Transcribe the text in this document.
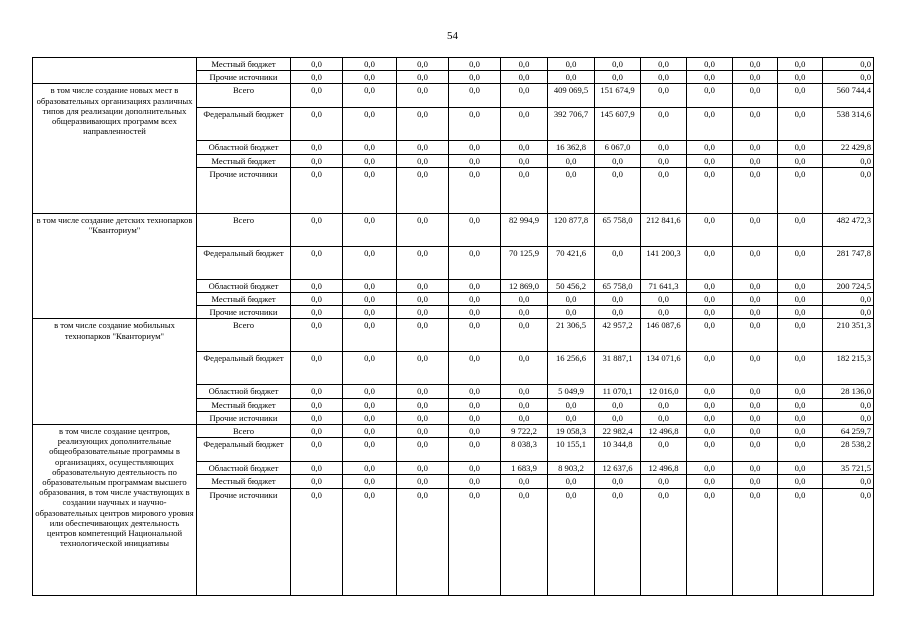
54
	Местный бюджет	0,0	0,0	0,0	0,0	0,0	0,0	0,0	0,0	0,0	0,0	0,0	0,0
	Прочие источники	0,0	0,0	0,0	0,0	0,0	0,0	0,0	0,0	0,0	0,0	0,0	0,0
в том числе создание новых мест в образовательных организациях различных типов для реализации дополнительных общеразвивающих программ всех направленностей	Всего	0,0	0,0	0,0	0,0	0,0	409 069,5	151 674,9	0,0	0,0	0,0	0,0	560 744,4
	Федеральный бюджет	0,0	0,0	0,0	0,0	0,0	392 706,7	145 607,9	0,0	0,0	0,0	0,0	538 314,6
	Областной бюджет	0,0	0,0	0,0	0,0	0,0	16 362,8	6 067,0	0,0	0,0	0,0	0,0	22 429,8
	Местный бюджет	0,0	0,0	0,0	0,0	0,0	0,0	0,0	0,0	0,0	0,0	0,0	0,0
	Прочие источники	0,0	0,0	0,0	0,0	0,0	0,0	0,0	0,0	0,0	0,0	0,0	0,0
в том числе создание детских технопарков "Кванториум"	Всего	0,0	0,0	0,0	0,0	82 994,9	120 877,8	65 758,0	212 841,6	0,0	0,0	0,0	482 472,3
	Федеральный бюджет	0,0	0,0	0,0	0,0	70 125,9	70 421,6	0,0	141 200,3	0,0	0,0	0,0	281 747,8
	Областной бюджет	0,0	0,0	0,0	0,0	12 869,0	50 456,2	65 758,0	71 641,3	0,0	0,0	0,0	200 724,5
	Местный бюджет	0,0	0,0	0,0	0,0	0,0	0,0	0,0	0,0	0,0	0,0	0,0	0,0
	Прочие источники	0,0	0,0	0,0	0,0	0,0	0,0	0,0	0,0	0,0	0,0	0,0	0,0
в том числе создание мобильных технопарков "Кванториум"	Всего	0,0	0,0	0,0	0,0	0,0	21 306,5	42 957,2	146 087,6	0,0	0,0	0,0	210 351,3
	Федеральный бюджет	0,0	0,0	0,0	0,0	0,0	16 256,6	31 887,1	134 071,6	0,0	0,0	0,0	182 215,3
	Областной бюджет	0,0	0,0	0,0	0,0	0,0	5 049,9	11 070,1	12 016,0	0,0	0,0	0,0	28 136,0
	Местный бюджет	0,0	0,0	0,0	0,0	0,0	0,0	0,0	0,0	0,0	0,0	0,0	0,0
	Прочие источники	0,0	0,0	0,0	0,0	0,0	0,0	0,0	0,0	0,0	0,0	0,0	0,0
в том числе создание центров, реализующих дополнительные общеобразовательные программы в организациях, осуществляющих образовательную деятельность по образовательным программам высшего образования, в том числе участвующих в создании научных и научно-образовательных центров мирового уровня или обеспечивающих деятельность центров компетенций Национальной технологической инициативы	Всего	0,0	0,0	0,0	0,0	9 722,2	19 058,3	22 982,4	12 496,8	0,0	0,0	0,0	64 259,7
	Федеральный бюджет	0,0	0,0	0,0	0,0	8 038,3	10 155,1	10 344,8	0,0	0,0	0,0	0,0	28 538,2
	Областной бюджет	0,0	0,0	0,0	0,0	1 683,9	8 903,2	12 637,6	12 496,8	0,0	0,0	0,0	35 721,5
	Местный бюджет	0,0	0,0	0,0	0,0	0,0	0,0	0,0	0,0	0,0	0,0	0,0	0,0
	Прочие источники	0,0	0,0	0,0	0,0	0,0	0,0	0,0	0,0	0,0	0,0	0,0	0,0
